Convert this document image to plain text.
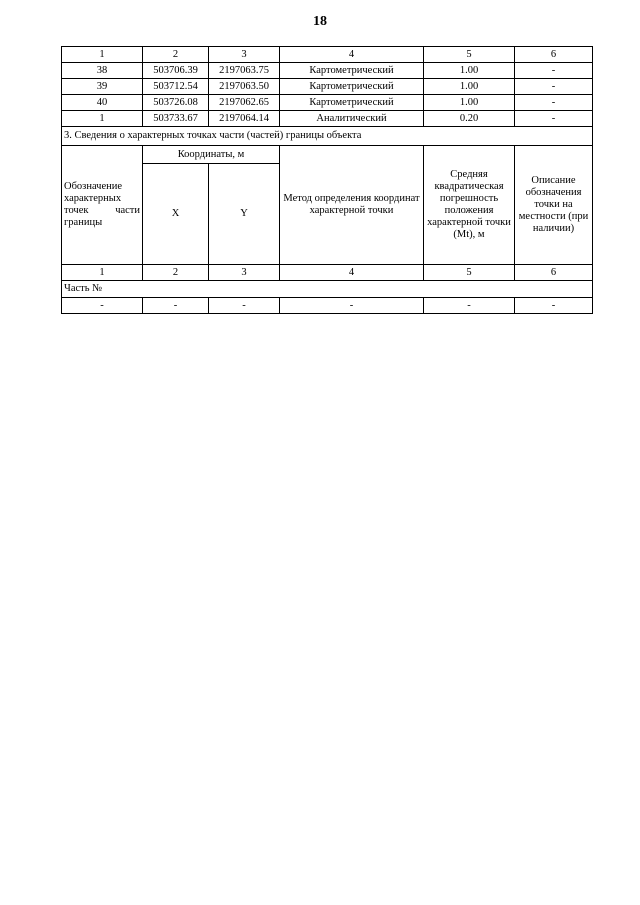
18
1	2	3	4	5	6
38	503706.39	2197063.75	Картометрический	1.00	-
39	503712.54	2197063.50	Картометрический	1.00	-
40	503726.08	2197062.65	Картометрический	1.00	-
1	503733.67	2197064.14	Аналитический	0.20	-
3. Сведения о характерных точках части (частей) границы объекта					
Обозначение характерных точек части границы	Координаты, м		Метод определения координат характерной точки	Средняя квадратическая погрешность положения характерной точки (Mt), м	Описание обозначения точки на местности (при наличии)
	X	Y			
1	2	3	4	5	6
Часть №					
-	-	-	-	-	-
